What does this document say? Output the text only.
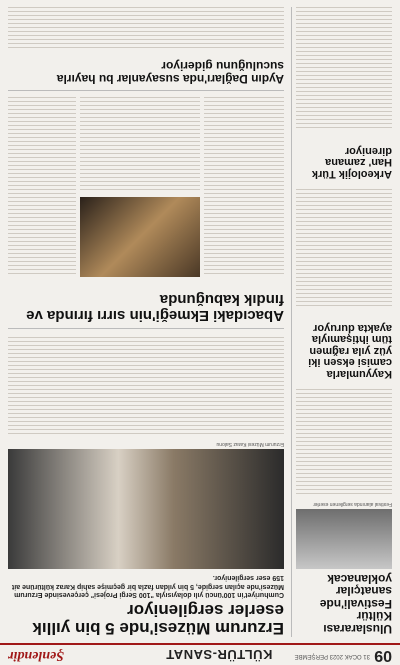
09
KÜLTÜR-SANAT
Şenlendir	31 OCAK 2023 PERŞEMBE
Uluslararası Kültür Festivali'nde sanatçılar yoklanacak
Festival alanında sergilenen eserler
Kayyumlarla camisi eksen iki yüz yıla rağmen tüm ihtişamıyla ayakta duruyor
Arkeolojik Türk Han' zamana direniyor
Erzurum Müzesi'nde 5 bin yıllık eserler sergileniyor
Cumhuriyet'in 100'üncü yılı dolayısıyla "100 Sergi Projesi" çerçevesinde Erzurum Müzesi'nde açılan sergide, 5 bin yıldan fazla bir geçmişe sahip Karaz kültürüne ait 159 eser sergileniyor.
Erzurum Müzesi Karaz Salonu
Abacıdaki Ekmeği'nin sırrı fırında ve fındık kabuğunda
Aydın Dağları'nda susayanlar bu hayırla suculuğunu gideriyor
